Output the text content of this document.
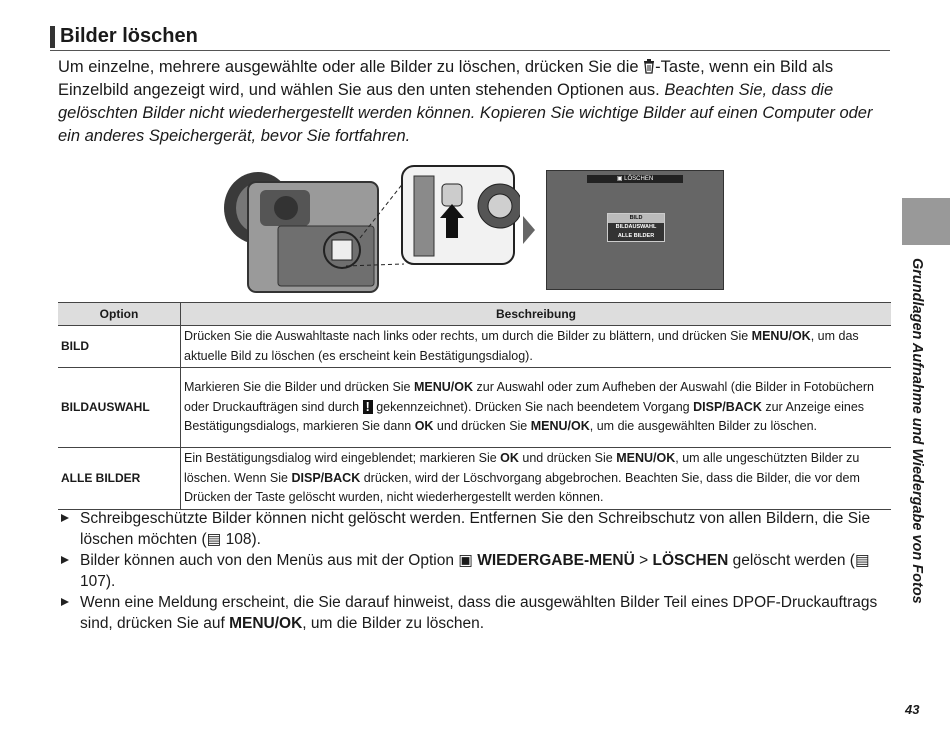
Bilder löschen
Um einzelne, mehrere ausgewählte oder alle Bilder zu löschen, drücken Sie die -Taste, wenn ein Bild als Einzelbild angezeigt wird, und wählen Sie aus den unten stehenden Optionen aus. Beachten Sie, dass die gelöschten Bilder nicht wiederhergestellt werden können. Kopieren Sie wichtige Bilder auf einen Computer oder ein anderes Speichergerät, bevor Sie fortfahren.
▣ LÖSCHEN
BILD
BILDAUSWAHL
ALLE BILDER
Option	Beschreibung
BILD	Drücken Sie die Auswahltaste nach links oder rechts, um durch die Bilder zu blättern, und drücken Sie MENU/OK, um das aktuelle Bild zu löschen (es erscheint kein Bestätigungsdialog).
BILDAUSWAHL	Markieren Sie die Bilder und drücken Sie MENU/OK zur Auswahl oder zum Aufheben der Auswahl (die Bilder in Fotobüchern oder Druckaufträgen sind durch ! gekennzeichnet). Drücken Sie nach beendetem Vorgang DISP/BACK zur Anzeige eines Bestätigungsdialogs, markieren Sie dann OK und drücken Sie MENU/OK, um die ausgewählten Bilder zu löschen.
ALLE BILDER	Ein Bestätigungsdialog wird eingeblendet; markieren Sie OK und drücken Sie MENU/OK, um alle ungeschützten Bilder zu löschen. Wenn Sie DISP/BACK drücken, wird der Löschvorgang abgebrochen. Beachten Sie, dass die Bilder, die vor dem Drücken der Taste gelöscht wurden, nicht wiederhergestellt werden können.
Schreibgeschützte Bilder können nicht gelöscht werden. Entfernen Sie den Schreibschutz von allen Bildern, die Sie löschen möchten (▤ 108).
Bilder können auch von den Menüs aus mit der Option ▣ WIEDERGABE-MENÜ > LÖSCHEN gelöscht werden (▤ 107).
Wenn eine Meldung erscheint, die Sie darauf hinweist, dass die ausgewählten Bilder Teil eines DPOF-Druckauftrags sind, drücken Sie auf MENU/OK, um die Bilder zu löschen.
Grundlagen Aufnahme und Wiedergabe von Fotos
43
